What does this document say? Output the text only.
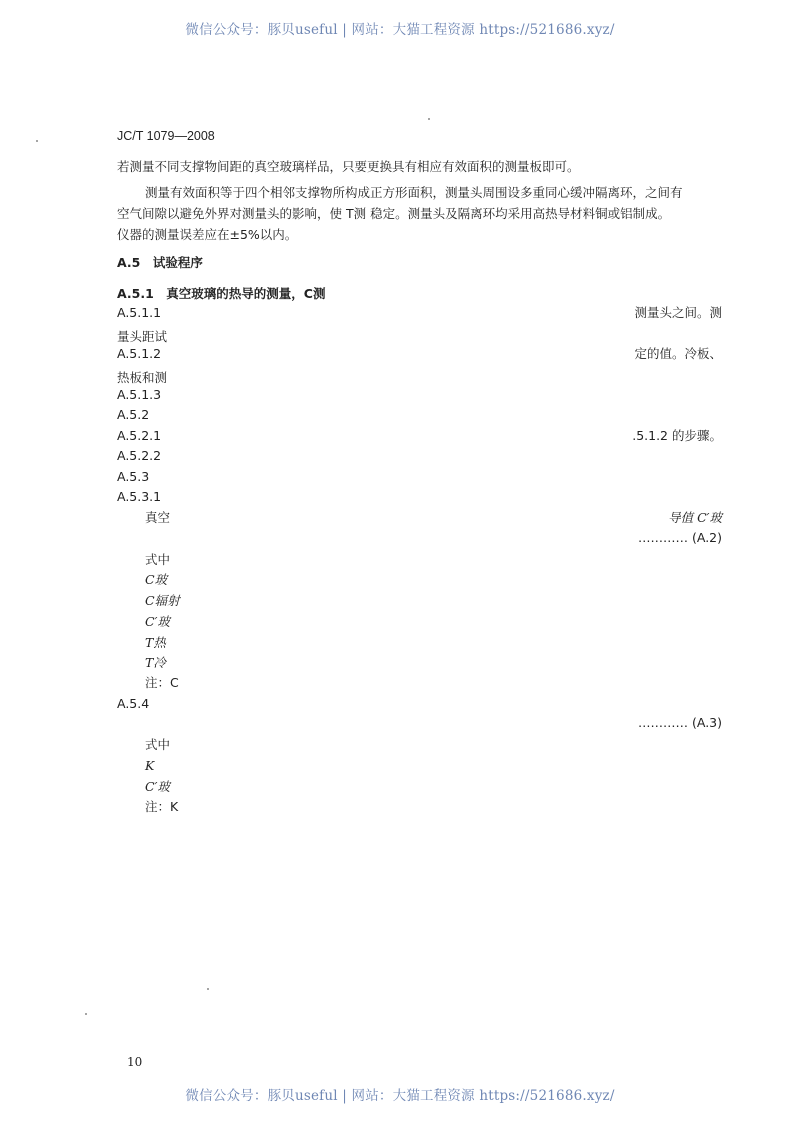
微信公众号：豚贝useful | 网站：大猫工程资源 https://521686.xyz/
JC/T 1079—2008
若测量不同支撑物间距的真空玻璃样品，只要更换具有相应有效面积的测量板即可。
测量有效面积等于四个相邻支撑物所构成正方形面积，测量头周围设多重同心缓冲隔离环，之间有
空气间隙以避免外界对测量头的影响，使 T测 稳定。测量头及隔离环均采用高热导材料铜或铝制成。
仪器的测量误差应在±5%以内。
A.5　试验程序
A.5.1　真空玻璃的热导的测量，C测
A.5.1.1	测量头之间。测
量头距试
A.5.1.2	定的值。冷板、
热板和测
A.5.1.3
A.5.2
A.5.2.1	.5.1.2 的步骤。
A.5.2.2
A.5.3
A.5.3.1
真空	导值 C′玻
………… (A.2)
式中
C玻
C辐射
C′玻
T热
T冷
注：C
A.5.4
………… (A.3)
式中
K
C′玻
注：K
10
微信公众号：豚贝useful | 网站：大猫工程资源 https://521686.xyz/
